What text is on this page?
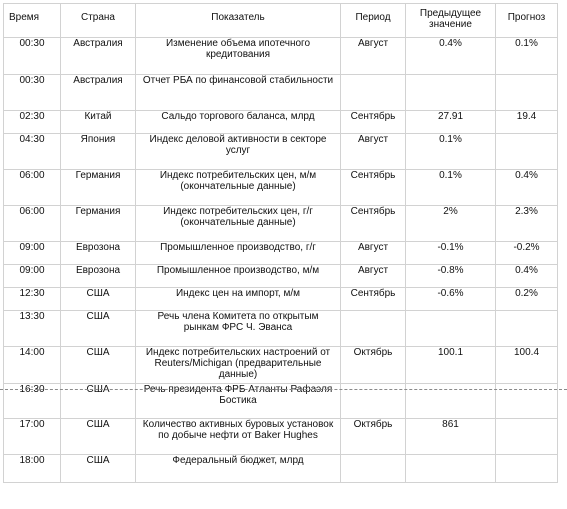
Время	Страна	Показатель	Период	Предыдущее значение	Прогноз
00:30	Австралия	Изменение объема ипотечного кредитования	Август	0.4%	0.1%
00:30	Австралия	Отчет РБА по финансовой стабильности			
02:30	Китай	Сальдо торгового баланса, млрд	Сентябрь	27.91	19.4
04:30	Япония	Индекс деловой активности в секторе услуг	Август	0.1%	
06:00	Германия	Индекс потребительских цен, м/м (окончательные данные)	Сентябрь	0.1%	0.4%
06:00	Германия	Индекс потребительских цен, г/г (окончательные данные)	Сентябрь	2%	2.3%
09:00	Еврозона	Промышленное производство, г/г	Август	-0.1%	-0.2%
09:00	Еврозона	Промышленное производство, м/м	Август	-0.8%	0.4%
12:30	США	Индекс цен на импорт, м/м	Сентябрь	-0.6%	0.2%
13:30	США	Речь члена Комитета по открытым рынкам ФРС Ч. Эванса			
14:00	США	Индекс потребительских настроений от Reuters/Michigan (предварительные данные)	Октябрь	100.1	100.4
16:30	США	Речь президента ФРБ Атланты Рафаэля Бостика			
17:00	США	Количество активных буровых установок по добыче нефти от Baker Hughes	Октябрь	861	
18:00	США	Федеральный бюджет, млрд			
